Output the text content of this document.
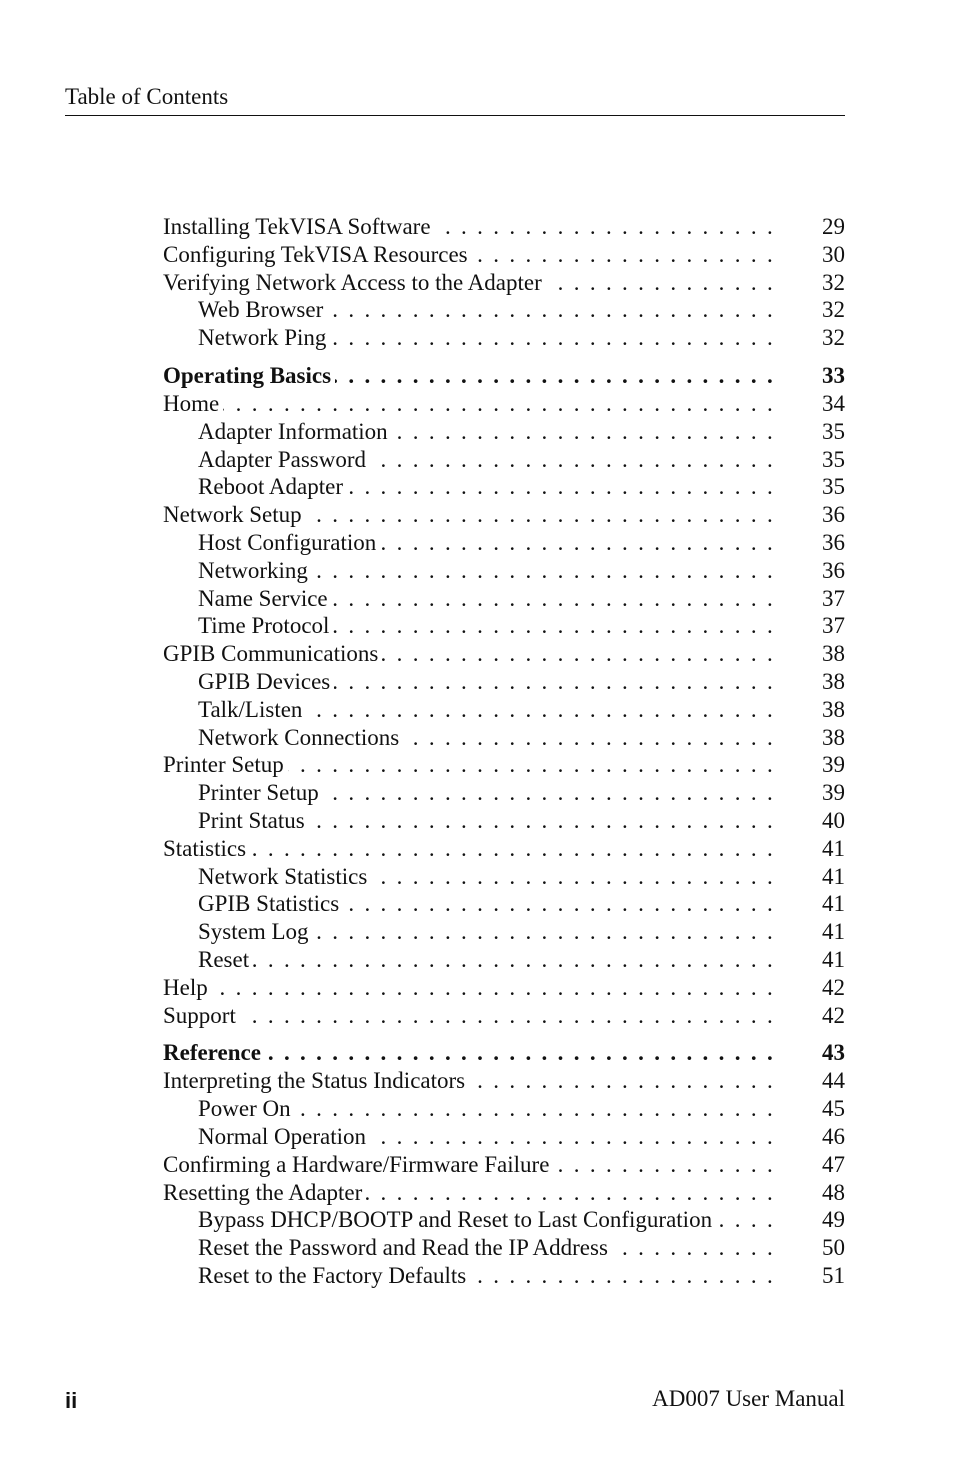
Table of Contents
Installing TekVISA Software . . .	29
Configuring TekVISA Resources . . .	30
Verifying Network Access to the Adapter . . .	32
Web Browser . . .	32
Network Ping . . .	32
Operating Basics . . .	33
Home . . .	34
Adapter Information . . .	35
Adapter Password . . .	35
Reboot Adapter . . .	35
Network Setup . . .	36
Host Configuration . . .	36
Networking . . .	36
Name Service . . .	37
Time Protocol . . .	37
GPIB Communications . . .	38
GPIB Devices . . .	38
Talk/Listen . . .	38
Network Connections . . .	38
Printer Setup . . .	39
Printer Setup . . .	39
Print Status . . .	40
Statistics . . .	41
Network Statistics . . .	41
GPIB Statistics . . .	41
System Log . . .	41
Reset . . .	41
Help . . .	42
Support . . .	42
Reference . . .	43
Interpreting the Status Indicators . . .	44
Power On . . .	45
Normal Operation . . .	46
Confirming a Hardware/Firmware Failure . . .	47
Resetting the Adapter . . .	48
Bypass DHCP/BOOTP and Reset to Last Configuration . . .	49
Reset the Password and Read the IP Address . . .	50
Reset to the Factory Defaults . . .	51
ii	AD007 User Manual
